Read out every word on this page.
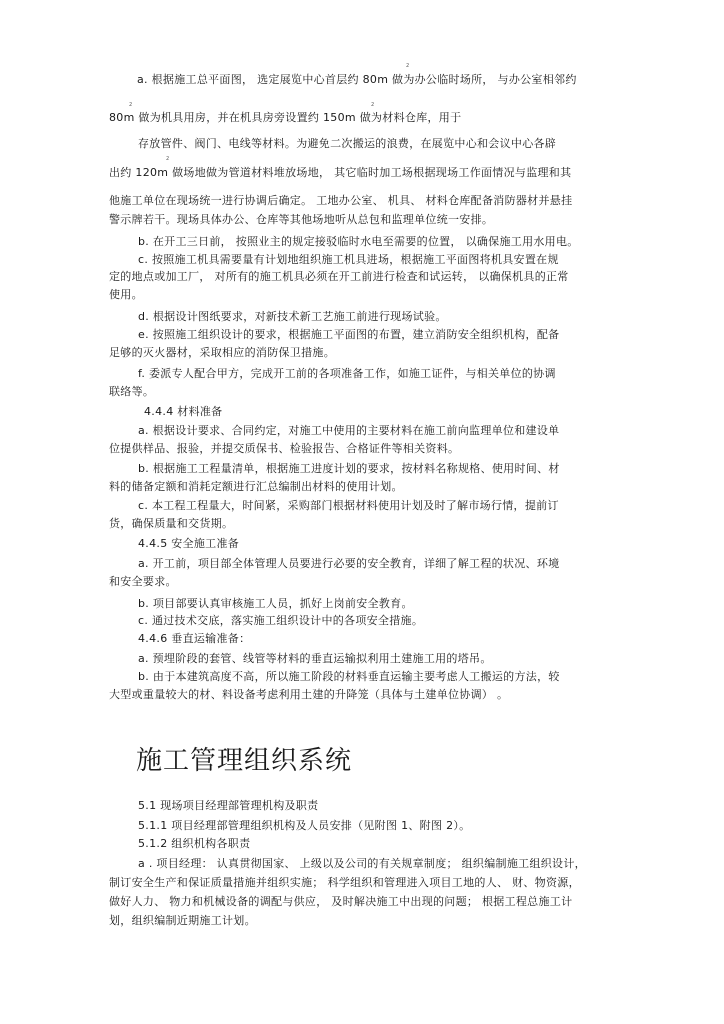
2
a. 根据施工总平面图， 选定展览中心首层约 80m 做为办公临时场所， 与办公室相邻约
2	2
80m 做为机具用房，并在机具房旁设置约 150m 做为材料仓库，用于
存放管件、阀门、电线等材料。为避免二次搬运的浪费，在展览中心和会议中心各辟
2
出约 120m 做场地做为管道材料堆放场地， 其它临时加工场根据现场工作面情况与监理和其
他施工单位在现场统一进行协调后确定。 工地办公室、 机具、 材料仓库配备消防器材并悬挂
警示牌若干。现场具体办公、仓库等其他场地听从总包和监理单位统一安排。
b. 在开工三日前， 按照业主的规定接驳临时水电至需要的位置， 以确保施工用水用电。
c. 按照施工机具需要量有计划地组织施工机具进场，根据施工平面图将机具安置在规
定的地点或加工厂， 对所有的施工机具必须在开工前进行检查和试运转， 以确保机具的正常
使用。
d. 根据设计图纸要求，对新技术新工艺施工前进行现场试验。
e. 按照施工组织设计的要求，根据施工平面图的布置，建立消防安全组织机构，配备
足够的灭火器材，采取相应的消防保卫措施。
f. 委派专人配合甲方，完成开工前的各项准备工作，如施工证件，与相关单位的协调
联络等。
4.4.4 材料准备
a. 根据设计要求、合同约定，对施工中使用的主要材料在施工前向监理单位和建设单
位提供样品、报验，并提交质保书、检验报告、合格证件等相关资料。
b. 根据施工工程量清单，根据施工进度计划的要求，按材料名称规格、使用时间、材
料的储备定额和消耗定额进行汇总编制出材料的使用计划。
c. 本工程工程量大，时间紧，采购部门根据材料使用计划及时了解市场行情，提前订
货，确保质量和交货期。
4.4.5 安全施工准备
a. 开工前，项目部全体管理人员要进行必要的安全教育，详细了解工程的状况、环境
和安全要求。
b. 项目部要认真审核施工人员，抓好上岗前安全教育。
c. 通过技术交底，落实施工组织设计中的各项安全措施。
4.4.6 垂直运输准备：
a. 预埋阶段的套管、线管等材料的垂直运输拟利用土建施工用的塔吊。
b. 由于本建筑高度不高，所以施工阶段的材料垂直运输主要考虑人工搬运的方法，较
大型或重量较大的材、料设备考虑利用土建的升降笼（具体与土建单位协调） 。
施工管理组织系统
5.1 现场项目经理部管理机构及职责
5.1.1 项目经理部管理组织机构及人员安排（见附图 1、附图 2）。
5.1.2 组织机构各职责
a . 项目经理： 认真贯彻国家、 上级以及公司的有关规章制度； 组织编制施工组织设计，
制订安全生产和保证质量措施并组织实施； 科学组织和管理进入项目工地的人、 财、物资源，
做好人力、 物力和机械设备的调配与供应， 及时解决施工中出现的问题； 根据工程总施工计
划，组织编制近期施工计划。
